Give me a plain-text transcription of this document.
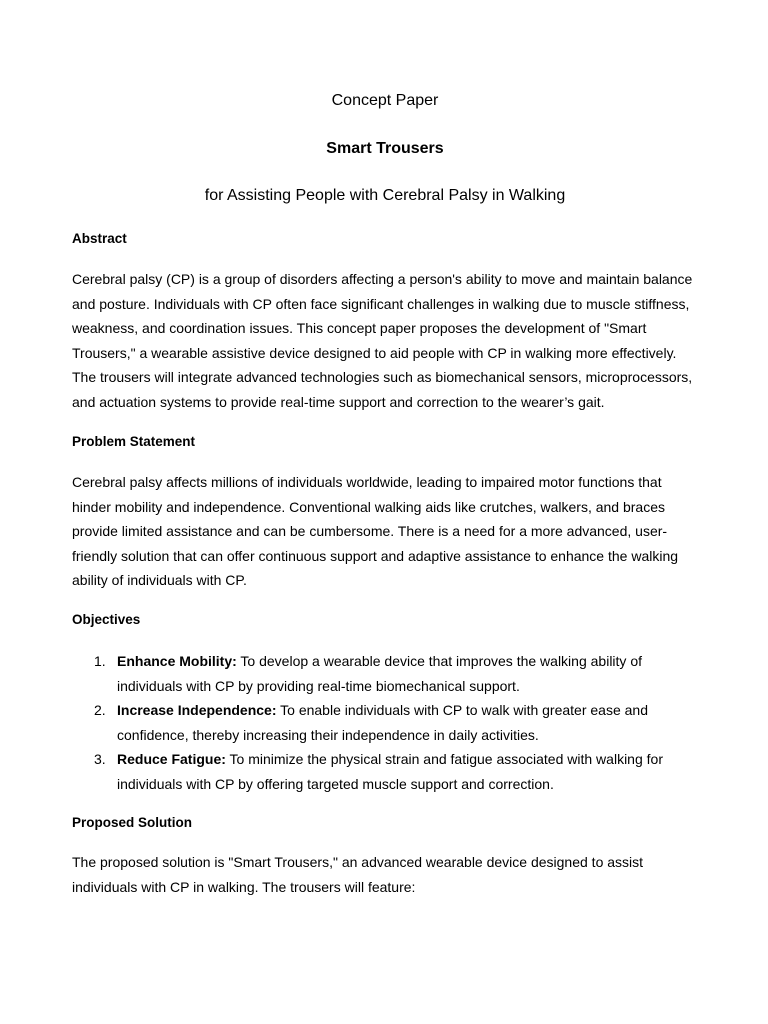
Concept Paper
Smart Trousers
for Assisting People with Cerebral Palsy in Walking
Abstract

Cerebral palsy (CP) is a group of disorders affecting a person's ability to move and maintain balance and posture. Individuals with CP often face significant challenges in walking due to muscle stiffness, weakness, and coordination issues. This concept paper proposes the development of "Smart Trousers," a wearable assistive device designed to aid people with CP in walking more effectively. The trousers will integrate advanced technologies such as biomechanical sensors, microprocessors, and actuation systems to provide real-time support and correction to the wearer’s gait.

Problem Statement

Cerebral palsy affects millions of individuals worldwide, leading to impaired motor functions that hinder mobility and independence. Conventional walking aids like crutches, walkers, and braces provide limited assistance and can be cumbersome. There is a need for a more advanced, user-friendly solution that can offer continuous support and adaptive assistance to enhance the walking ability of individuals with CP.

Objectives
1. Enhance Mobility: To develop a wearable device that improves the walking ability of individuals with CP by providing real-time biomechanical support.
2. Increase Independence: To enable individuals with CP to walk with greater ease and confidence, thereby increasing their independence in daily activities.
3. Reduce Fatigue: To minimize the physical strain and fatigue associated with walking for individuals with CP by offering targeted muscle support and correction.
Proposed Solution

The proposed solution is "Smart Trousers," an advanced wearable device designed to assist individuals with CP in walking. The trousers will feature:
